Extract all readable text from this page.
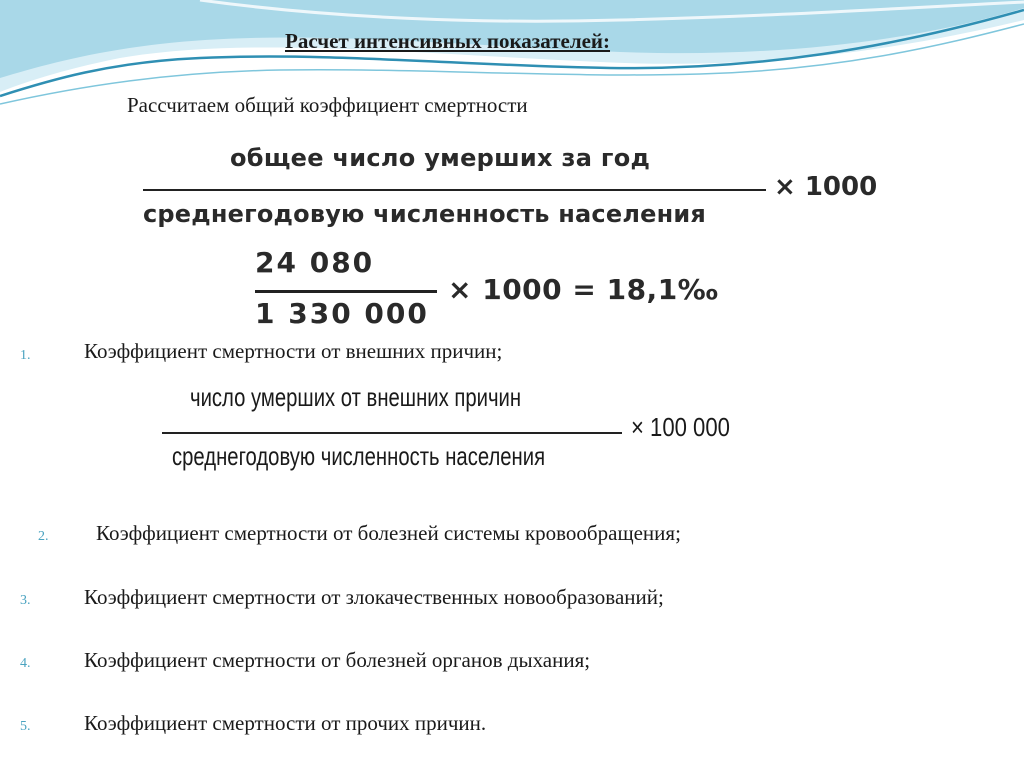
Расчет интенсивных показателей:
Рассчитаем общий коэффициент смертности
общее число умерших за год
среднегодовую численность населения
× 1000
24 080
1 330 000
× 1000 = 18,1‰
1.	Коэффициент смертности от внешних причин;
число умерших от внешних причин
среднегодовую численность населения
× 100 000
2. Коэффициент смертности от болезней системы кровообращения;
3.	Коэффициент смертности от злокачественных новообразований;
4.	Коэффициент смертности от болезней органов дыхания;
5.	Коэффициент смертности от прочих причин.
